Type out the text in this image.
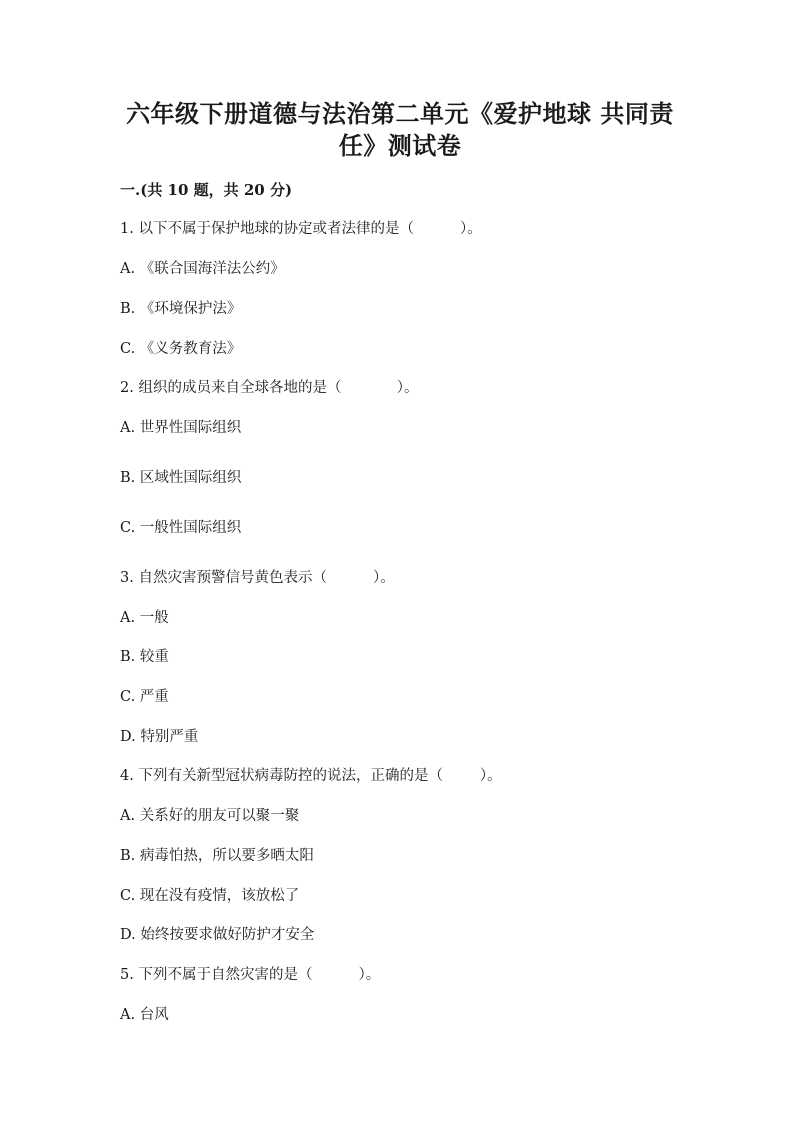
六年级下册道德与法治第二单元《爱护地球 共同责
任》测试卷
一.(共 10 题，共 20 分)
1. 以下不属于保护地球的协定或者法律的是（          ）。
A. 《联合国海洋法公约》
B. 《环境保护法》
C. 《义务教育法》
2. 组织的成员来自全球各地的是（            ）。
A. 世界性国际组织
B. 区域性国际组织
C. 一般性国际组织
3. 自然灾害预警信号黄色表示（          ）。
A. 一般
B. 较重
C. 严重
D. 特别严重
4. 下列有关新型冠状病毒防控的说法，正确的是（        ）。
A. 关系好的朋友可以聚一聚
B. 病毒怕热，所以要多晒太阳
C. 现在没有疫情，该放松了
D. 始终按要求做好防护才安全
5. 下列不属于自然灾害的是（          ）。
A. 台风
